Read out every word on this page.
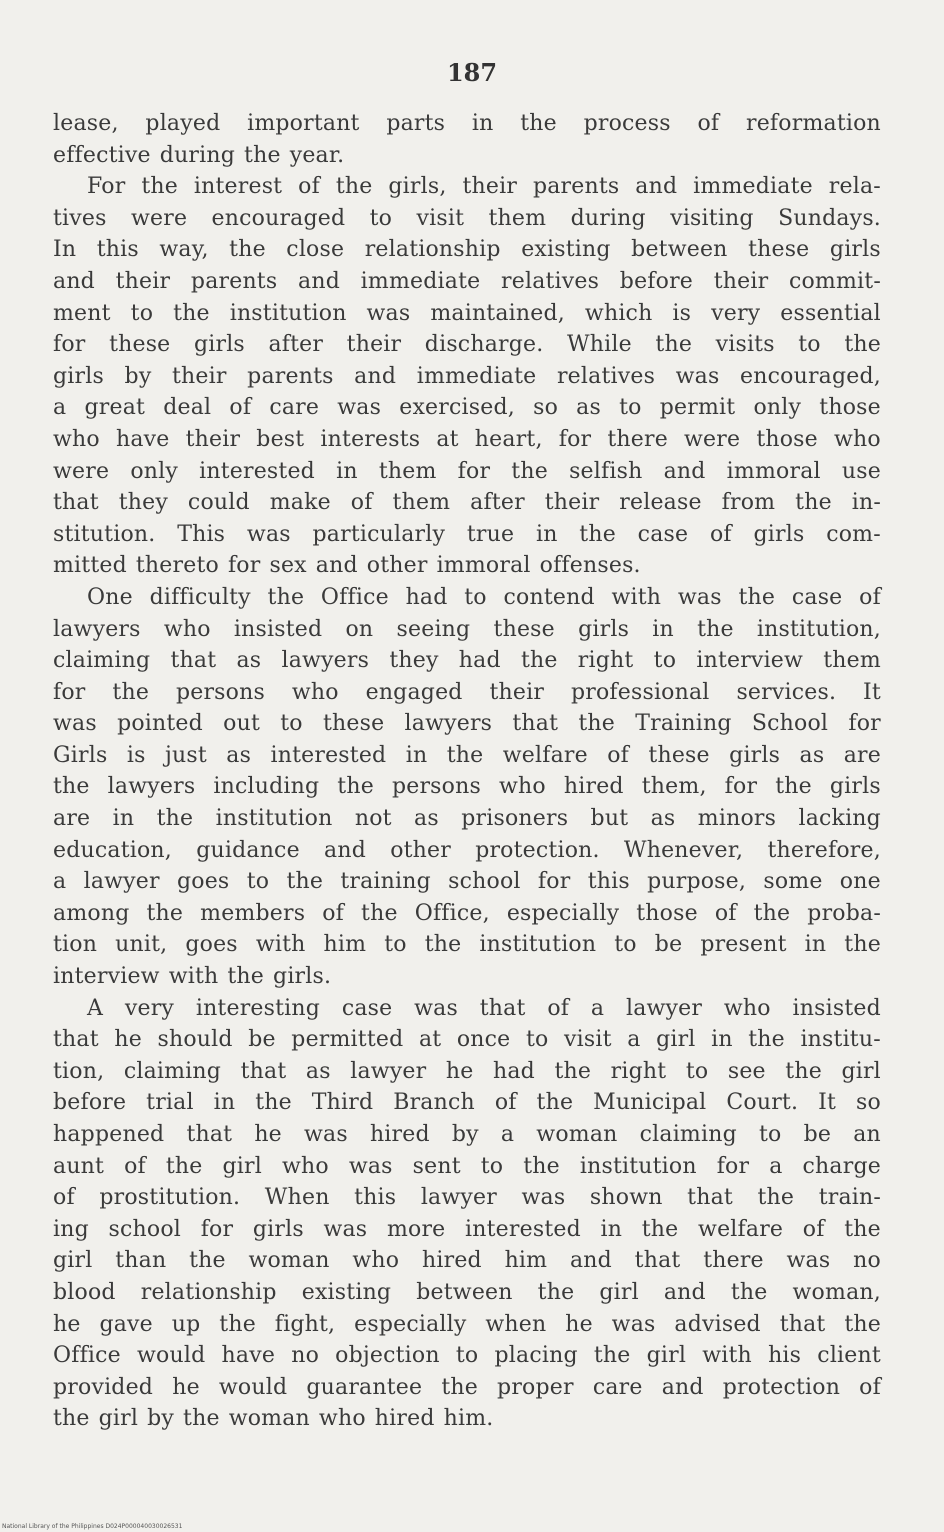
187
lease, played important parts in the process of reformation
effective during the year.
For the interest of the girls, their parents and immediate rela-
tives were encouraged to visit them during visiting Sundays.
In this way, the close relationship existing between these girls
and their parents and immediate relatives before their commit-
ment to the institution was maintained, which is very essential
for these girls after their discharge. While the visits to the
girls by their parents and immediate relatives was encouraged,
a great deal of care was exercised, so as to permit only those
who have their best interests at heart, for there were those who
were only interested in them for the selfish and immoral use
that they could make of them after their release from the in-
stitution. This was particularly true in the case of girls com-
mitted thereto for sex and other immoral offenses.
One difficulty the Office had to contend with was the case of
lawyers who insisted on seeing these girls in the institution,
claiming that as lawyers they had the right to interview them
for the persons who engaged their professional services. It
was pointed out to these lawyers that the Training School for
Girls is just as interested in the welfare of these girls as are
the lawyers including the persons who hired them, for the girls
are in the institution not as prisoners but as minors lacking
education, guidance and other protection. Whenever, therefore,
a lawyer goes to the training school for this purpose, some one
among the members of the Office, especially those of the proba-
tion unit, goes with him to the institution to be present in the
interview with the girls.
A very interesting case was that of a lawyer who insisted
that he should be permitted at once to visit a girl in the institu-
tion, claiming that as lawyer he had the right to see the girl
before trial in the Third Branch of the Municipal Court. It so
happened that he was hired by a woman claiming to be an
aunt of the girl who was sent to the institution for a charge
of prostitution. When this lawyer was shown that the train-
ing school for girls was more interested in the welfare of the
girl than the woman who hired him and that there was no
blood relationship existing between the girl and the woman,
he gave up the fight, especially when he was advised that the
Office would have no objection to placing the girl with his client
provided he would guarantee the proper care and protection of
the girl by the woman who hired him.
National Library of the Philippines D024P000040030026531
